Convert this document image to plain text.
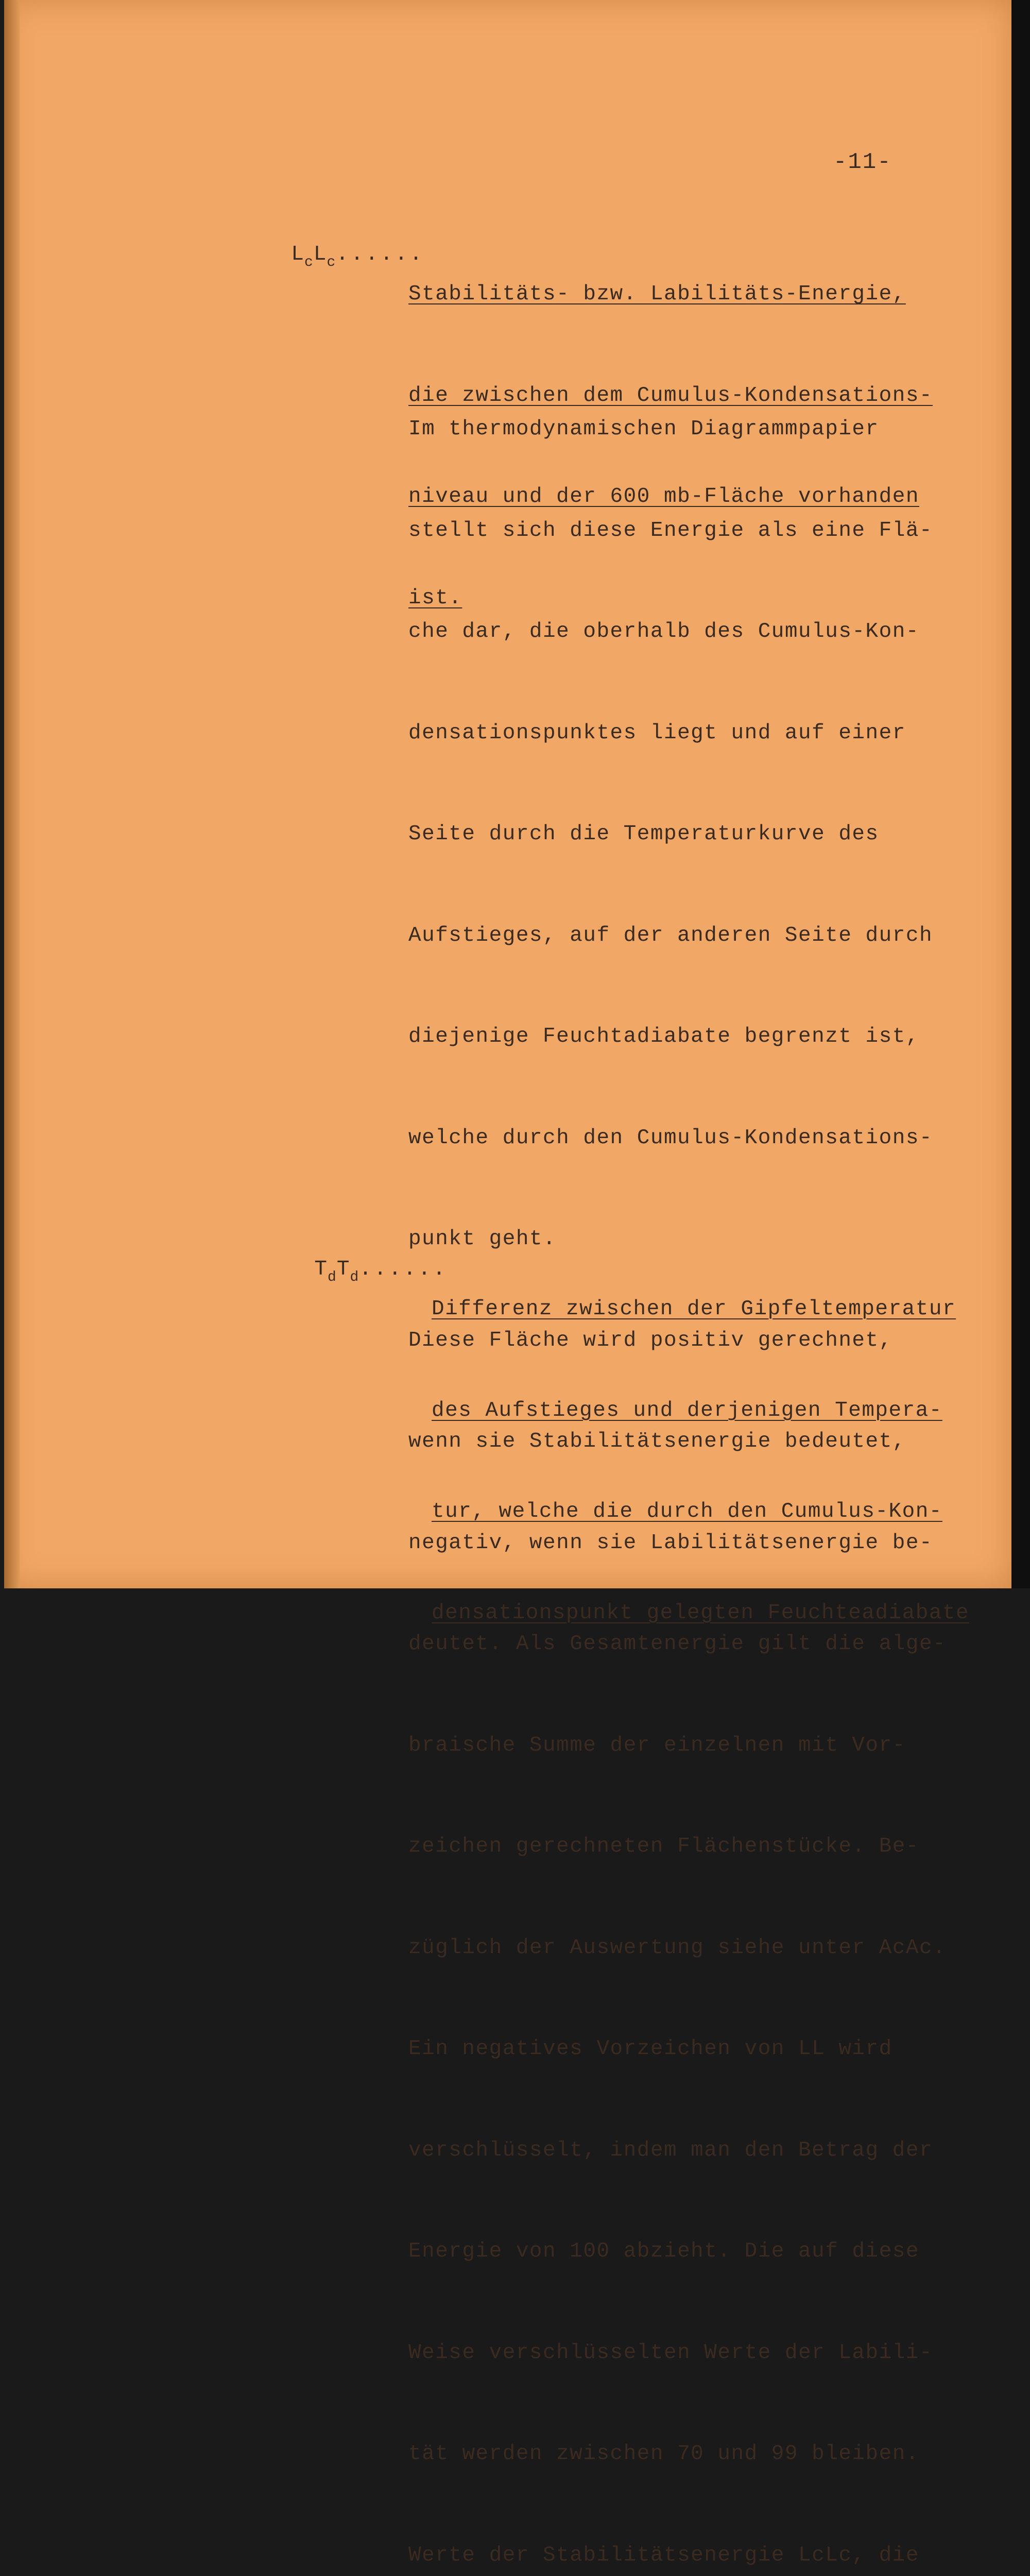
-11-

$L_cL_c$......

Stabilitäts- bzw. Labilitäts-Energie,

die zwischen dem Cumulus-Kondensations-

niveau und der 600 mb-Fläche vorhanden

ist.

Im thermodynamischen Diagrammpapier

stellt sich diese Energie als eine Flä-

che dar, die oberhalb des Cumulus-Kon-

densationspunktes liegt und auf einer

Seite durch die Temperaturkurve des

Aufstieges, auf der anderen Seite durch

diejenige Feuchtadiabate begrenzt ist,

welche durch den Cumulus-Kondensations-

punkt geht.

Diese Fläche wird positiv gerechnet,

wenn sie Stabilitätsenergie bedeutet,

negativ, wenn sie Labilitätsenergie be-

deutet. Als Gesamtenergie gilt die alge-

braische Summe der einzelnen mit Vor-

zeichen gerechneten Flächenstücke. Be-

züglich der Auswertung siehe unter AcAc.

Ein negatives Vorzeichen von LL wird

verschlüsselt, indem man den Betrag der

Energie von 100 abzieht. Die auf diese

Weise verschlüsselten Werte der Labili-

tät werden zwischen 70 und 99 bleiben.

Werte der Stabilitätsenergie LcLc, die

$T_dT_d$......

Differenz zwischen der Gipfeltemperatur

des Aufstieges und derjenigen Tempera-

tur, welche die durch den Cumulus-Kon-

densationspunkt gelegten Feuchteadiabate
